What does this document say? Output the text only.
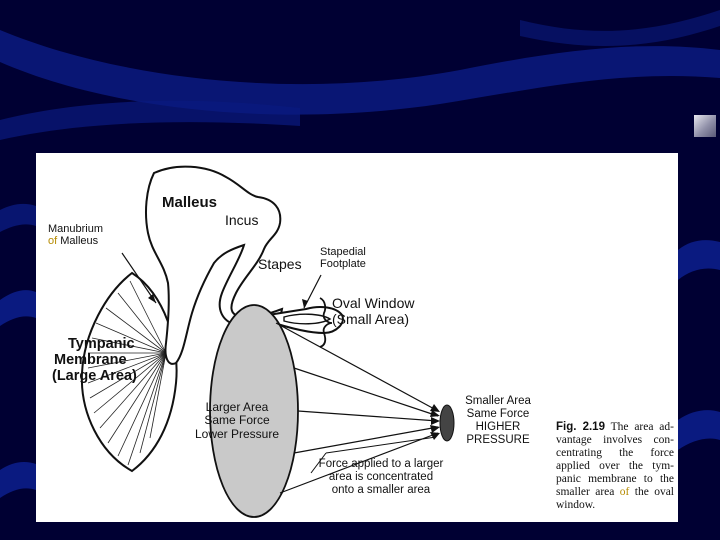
Malleus
Incus
Manubrium
of Malleus
Stapes
Stapedial
Footplate
Oval Window
(Small Area)
Tympanic
Membrane
(Large Area)
Larger Area
Same Force
Lower Pressure
Smaller Area
Same Force
HIGHER
PRESSURE
Force applied to a larger
area is concentrated
onto a smaller area
Fig. 2.19 The area ad-vantage involves con-centrating the force applied over the tym-panic membrane to the smaller area of the oval window.
